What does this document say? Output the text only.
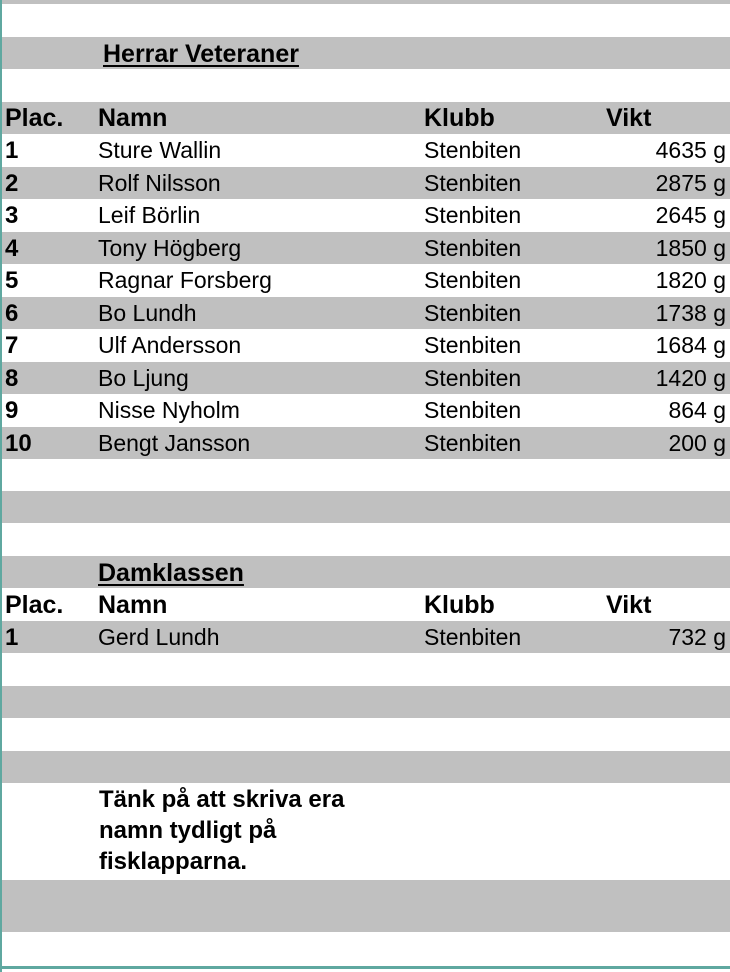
Herrar Veteraner
Plac. Namn	Klubb	Vikt
1	Sture Wallin	Stenbiten	4635 g
2	Rolf Nilsson	Stenbiten	2875 g
3	Leif Börlin	Stenbiten	2645 g
4	Tony Högberg	Stenbiten	1850 g
5	Ragnar Forsberg	Stenbiten	1820 g
6	Bo Lundh	Stenbiten	1738 g
7	Ulf Andersson	Stenbiten	1684 g
8	Bo Ljung	Stenbiten	1420 g
9	Nisse Nyholm	Stenbiten	864 g
10	Bengt Jansson	Stenbiten	200 g
Damklassen
Plac. Namn	Klubb	Vikt
1	Gerd Lundh	Stenbiten	732 g
Tänk på att skriva era namn tydligt på fisklapparna.
